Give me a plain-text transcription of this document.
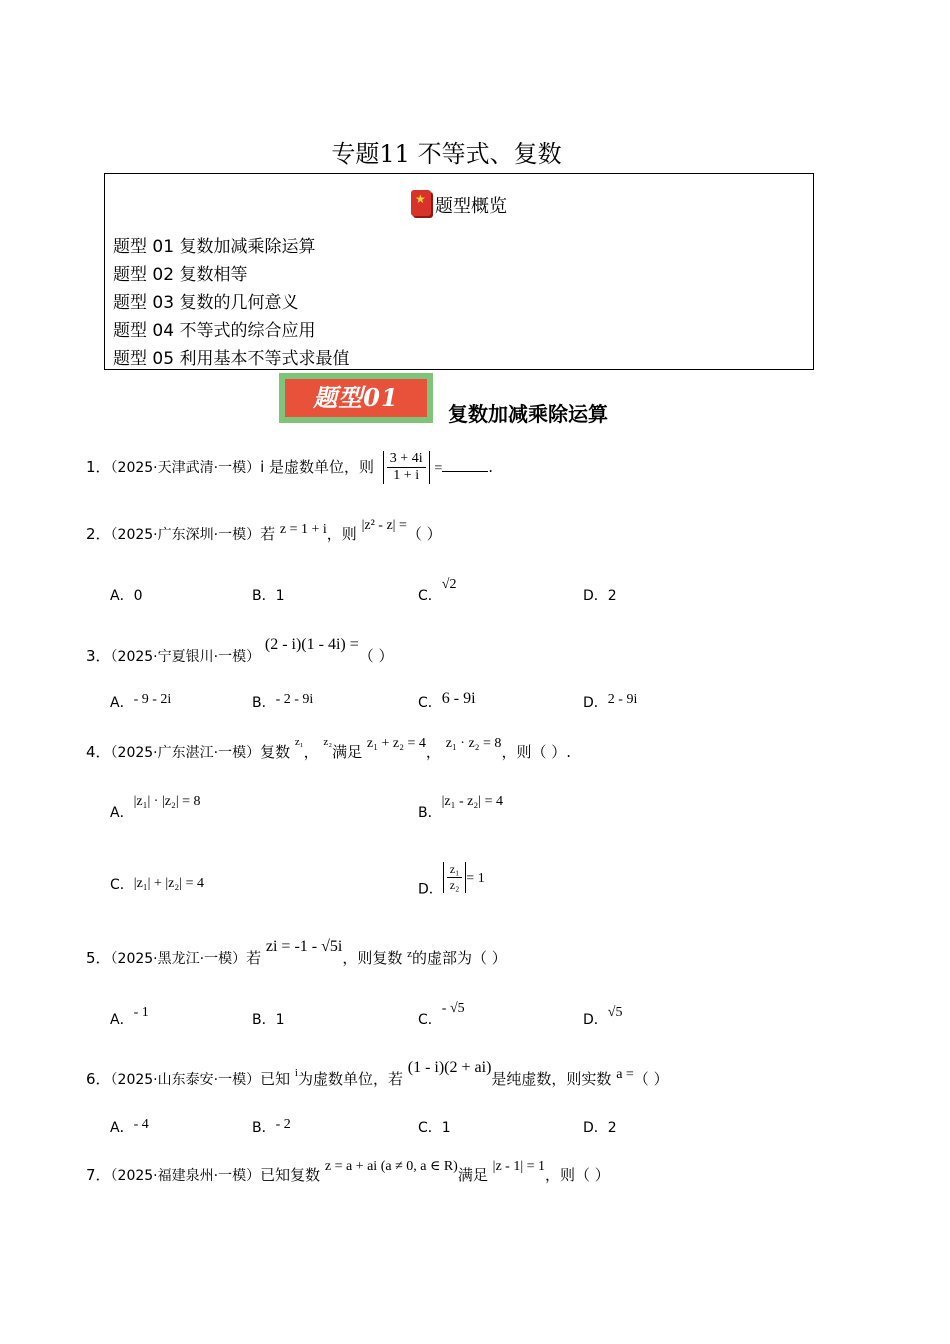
专题11 不等式、复数
★ 题型概览
题型 01 复数加减乘除运算
题型 02 复数相等
题型 03 复数的几何意义
题型 04 不等式的综合应用
题型 05 利用基本不等式求最值
题型01
复数加减乘除运算
1．（2025·天津武清·一模）i 是虚数单位，则 $\frac{3 + 4i}{1 + i}$ =	.
2．（2025·广东深圳·一模）若 z = 1 + i，则 |z² - z| =（ ）
A．0	B．1	C．√2
D．2
3．（2025·宁夏银川·一模） (2 - i)(1 - 4i) =（ ）
A．- 9 - 2i	B．- 2 - 9i	C．6 - 9i	D．2 - 9i
4．（2025·广东湛江·一模）复数 $^{z_1}$， $^{z_2}$满足 z₁ + z₂ = 4， z₁ · z₂ = 8，则（ ）.
A．|z₁| · |z₂| = 8
B．|z₁ - z₂| = 4
C．|z₁| + |z₂| = 4	D． $\frac{\text{z₁}}{\text{z₂}} = 1$
5．（2025·黑龙江·一模）若 zi = -1 - √5i，则复数 $^z$的虚部为（ ）
A．- 1	B．1	C．- √5
D．√5
6．（2025·山东泰安·一模）已知 $^i$为虚数单位，若 (1 - i)(2 + ai)是纯虚数，则实数 a =（ ）
A．- 4	B．- 2	C．1	D．2
7．（2025·福建泉州·一模）已知复数 z = a + ai (a ≠ 0, a ∈ R)满足 |z - 1| = 1，则（ ）
